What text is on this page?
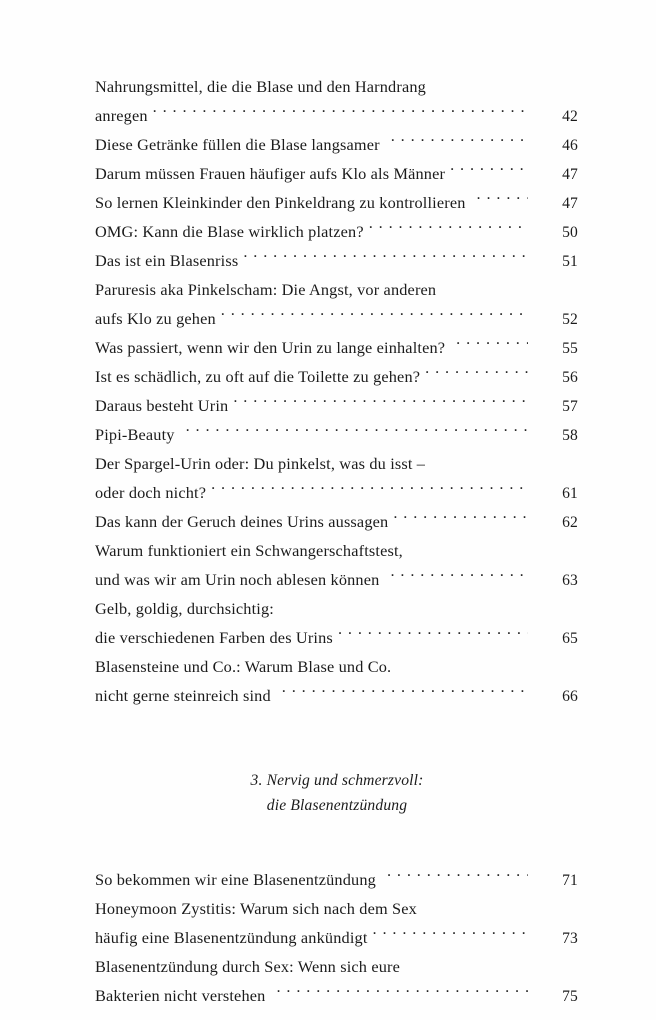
Nahrungsmittel, die die Blase und den Harndrang
anregen . . .	42
Diese Getränke füllen die Blase langsamer . . .	46
Darum müssen Frauen häufiger aufs Klo als Männer . . .	47
So lernen Kleinkinder den Pinkeldrang zu kontrollieren . . .	47
OMG: Kann die Blase wirklich platzen? . . .	50
Das ist ein Blasenriss . . .	51
Paruresis aka Pinkelscham: Die Angst, vor anderen
aufs Klo zu gehen . . .	52
Was passiert, wenn wir den Urin zu lange einhalten? . . .	55
Ist es schädlich, zu oft auf die Toilette zu gehen? . . .	56
Daraus besteht Urin . . .	57
Pipi-Beauty . . .	58
Der Spargel-Urin oder: Du pinkelst, was du isst –
oder doch nicht? . . .	61
Das kann der Geruch deines Urins aussagen . . .	62
Warum funktioniert ein Schwangerschaftstest,
und was wir am Urin noch ablesen können . . .	63
Gelb, goldig, durchsichtig:
die verschiedenen Farben des Urins . . .	65
Blasensteine und Co.: Warum Blase und Co.
nicht gerne steinreich sind . . .	66
3. Nervig und schmerzvoll:
die Blasenentzündung
So bekommen wir eine Blasenentzündung . . .	71
Honeymoon Zystitis: Warum sich nach dem Sex
häufig eine Blasenentzündung ankündigt . . .	73
Blasenentzündung durch Sex: Wenn sich eure
Bakterien nicht verstehen . . .	75
